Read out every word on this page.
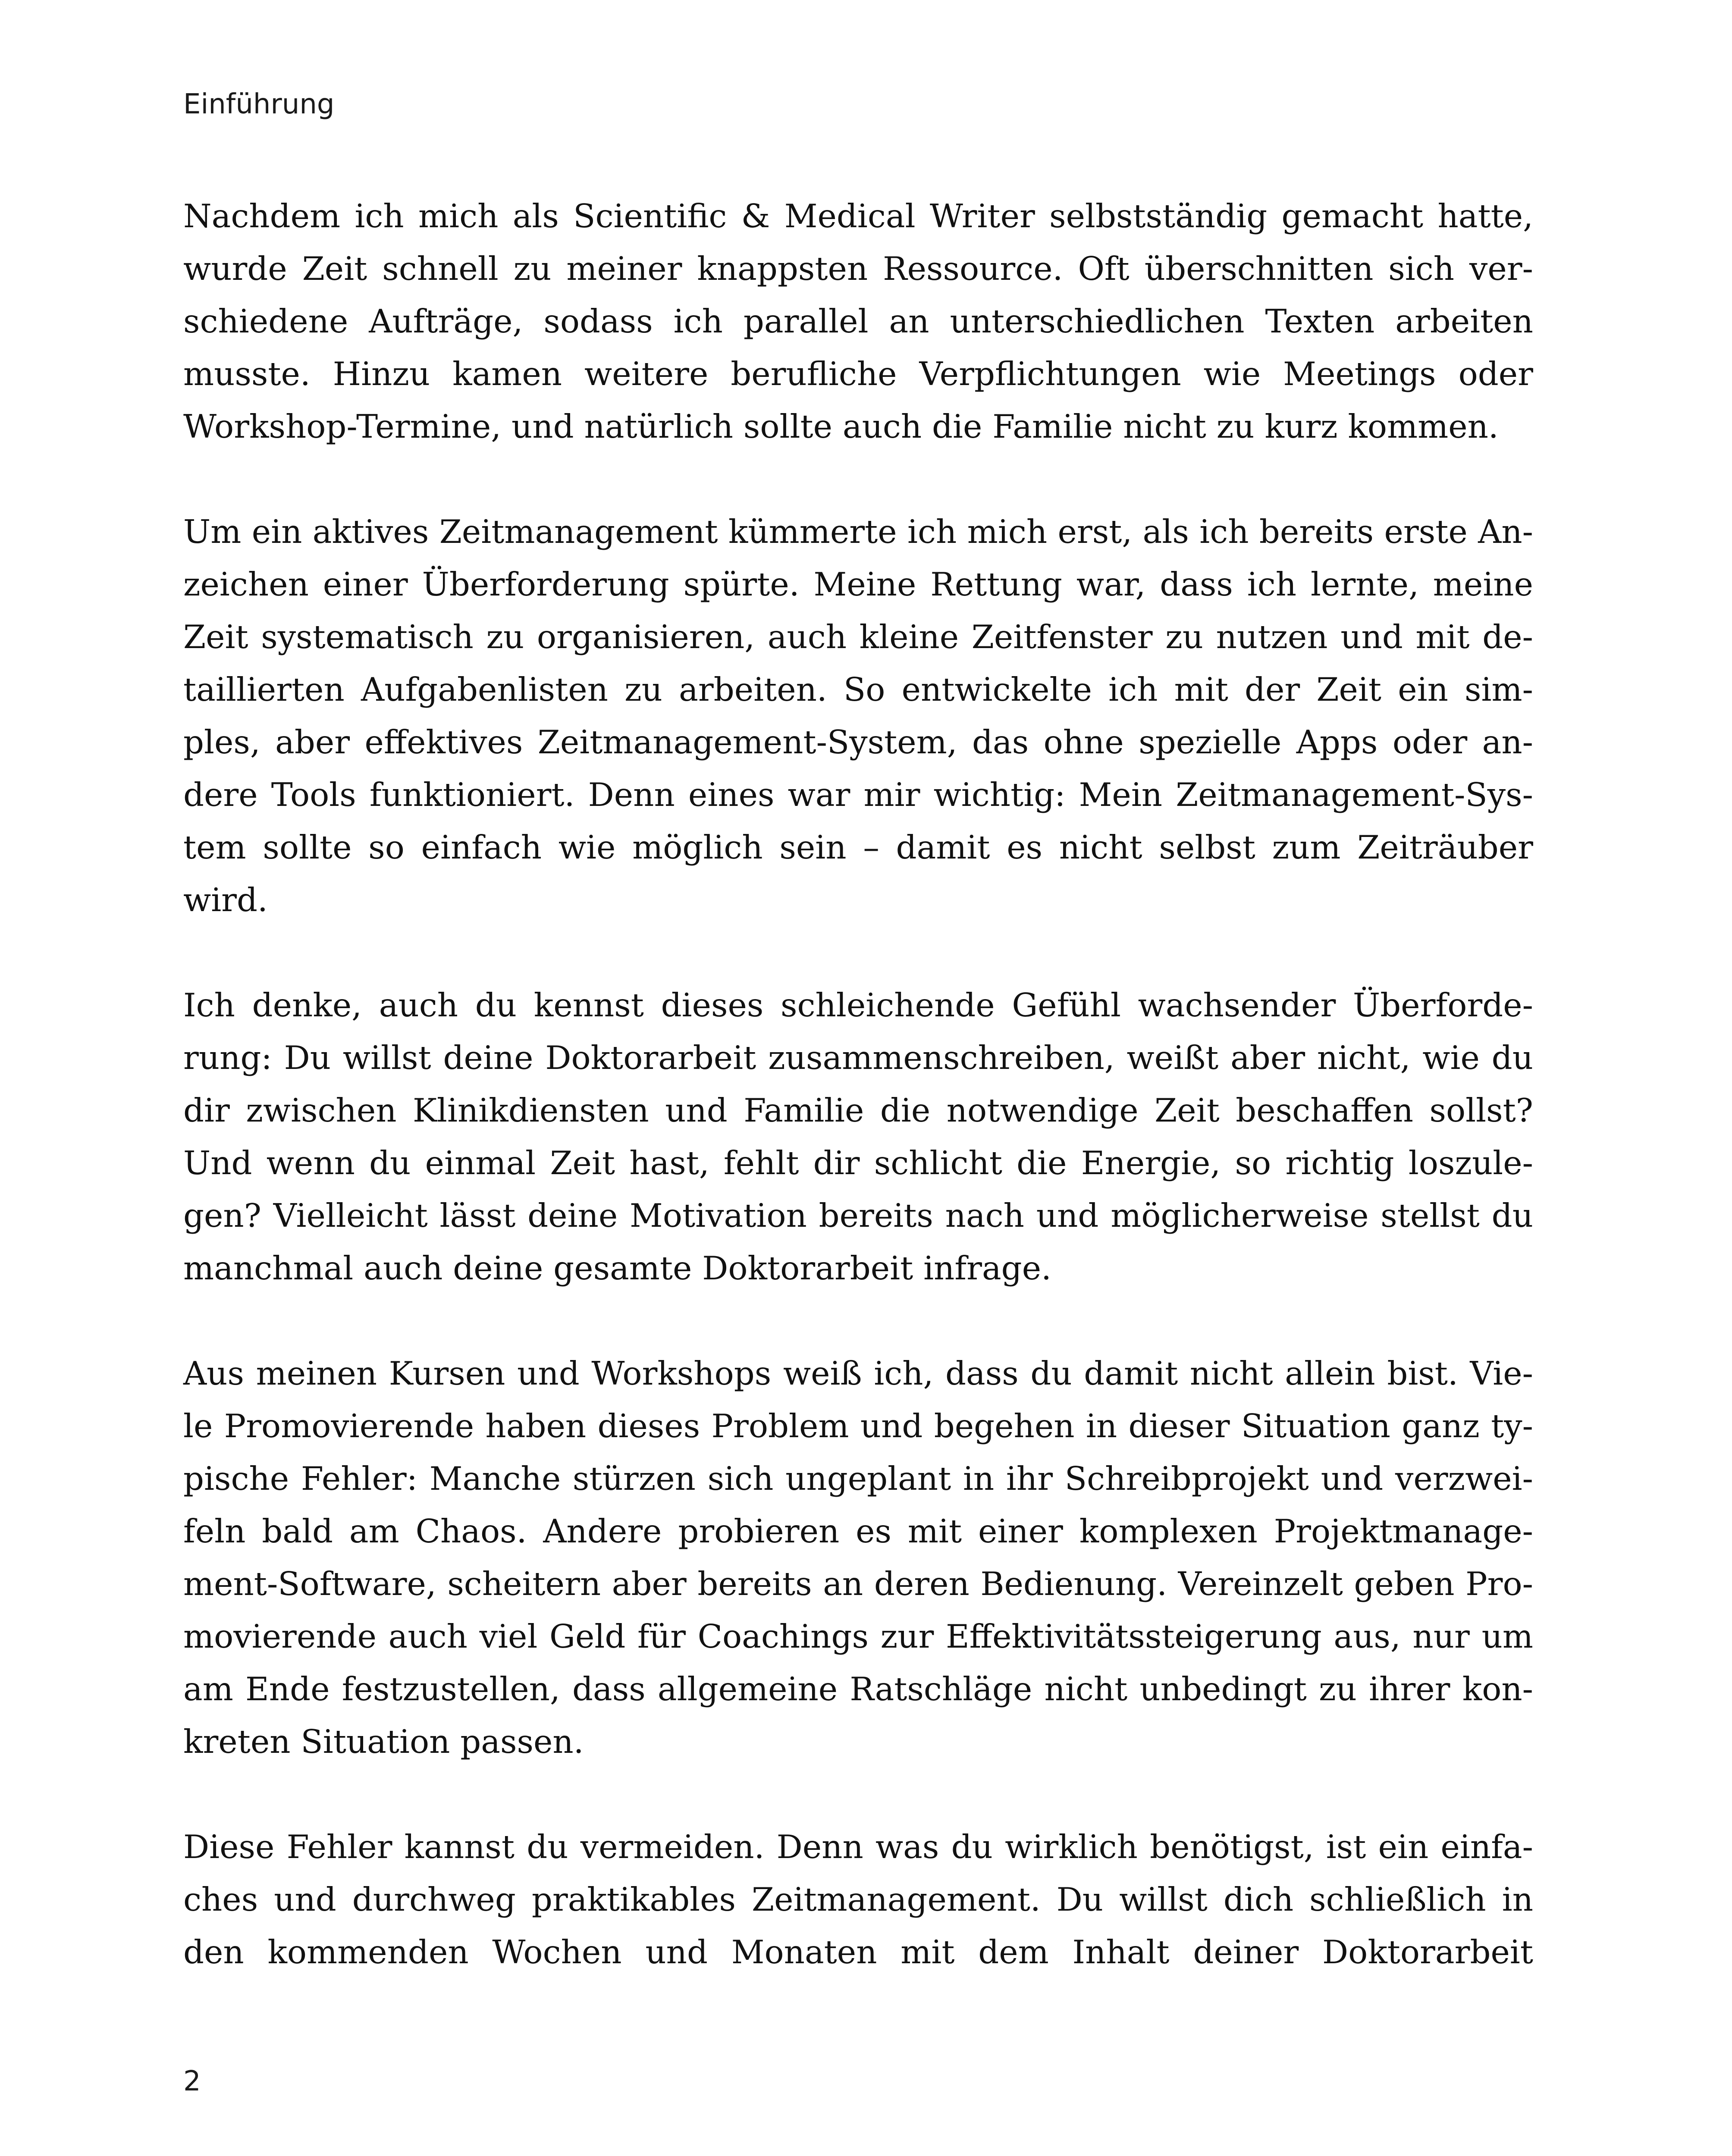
Einführung

Nachdem ich mich als Scientific & Medical Writer selbstständig gemacht hatte,
wurde Zeit schnell zu meiner knappsten Ressource. Oft überschnitten sich ver-
schiedene Aufträge, sodass ich parallel an unterschiedlichen Texten arbeiten
musste. Hinzu kamen weitere berufliche Verpflichtungen wie Meetings oder
Workshop-Termine, und natürlich sollte auch die Familie nicht zu kurz kommen.

Um ein aktives Zeitmanagement kümmerte ich mich erst, als ich bereits erste An-
zeichen einer Überforderung spürte. Meine Rettung war, dass ich lernte, meine
Zeit systematisch zu organisieren, auch kleine Zeitfenster zu nutzen und mit de-
taillierten Aufgabenlisten zu arbeiten. So entwickelte ich mit der Zeit ein sim-
ples, aber effektives Zeitmanagement-System, das ohne spezielle Apps oder an-
dere Tools funktioniert. Denn eines war mir wichtig: Mein Zeitmanagement-Sys-
tem sollte so einfach wie möglich sein – damit es nicht selbst zum Zeiträuber
wird.

Ich denke, auch du kennst dieses schleichende Gefühl wachsender Überforde-
rung: Du willst deine Doktorarbeit zusammenschreiben, weißt aber nicht, wie du
dir zwischen Klinikdiensten und Familie die notwendige Zeit beschaffen sollst?
Und wenn du einmal Zeit hast, fehlt dir schlicht die Energie, so richtig loszule-
gen? Vielleicht lässt deine Motivation bereits nach und möglicherweise stellst du
manchmal auch deine gesamte Doktorarbeit infrage.

Aus meinen Kursen und Workshops weiß ich, dass du damit nicht allein bist. Vie-
le Promovierende haben dieses Problem und begehen in dieser Situation ganz ty-
pische Fehler: Manche stürzen sich ungeplant in ihr Schreibprojekt und verzwei-
feln bald am Chaos. Andere probieren es mit einer komplexen Projektmanage-
ment-Software, scheitern aber bereits an deren Bedienung. Vereinzelt geben Pro-
movierende auch viel Geld für Coachings zur Effektivitätssteigerung aus, nur um
am Ende festzustellen, dass allgemeine Ratschläge nicht unbedingt zu ihrer kon-
kreten Situation passen.

Diese Fehler kannst du vermeiden. Denn was du wirklich benötigst, ist ein einfa-
ches und durchweg praktikables Zeitmanagement. Du willst dich schließlich in
den kommenden Wochen und Monaten mit dem Inhalt deiner Doktorarbeit

2
